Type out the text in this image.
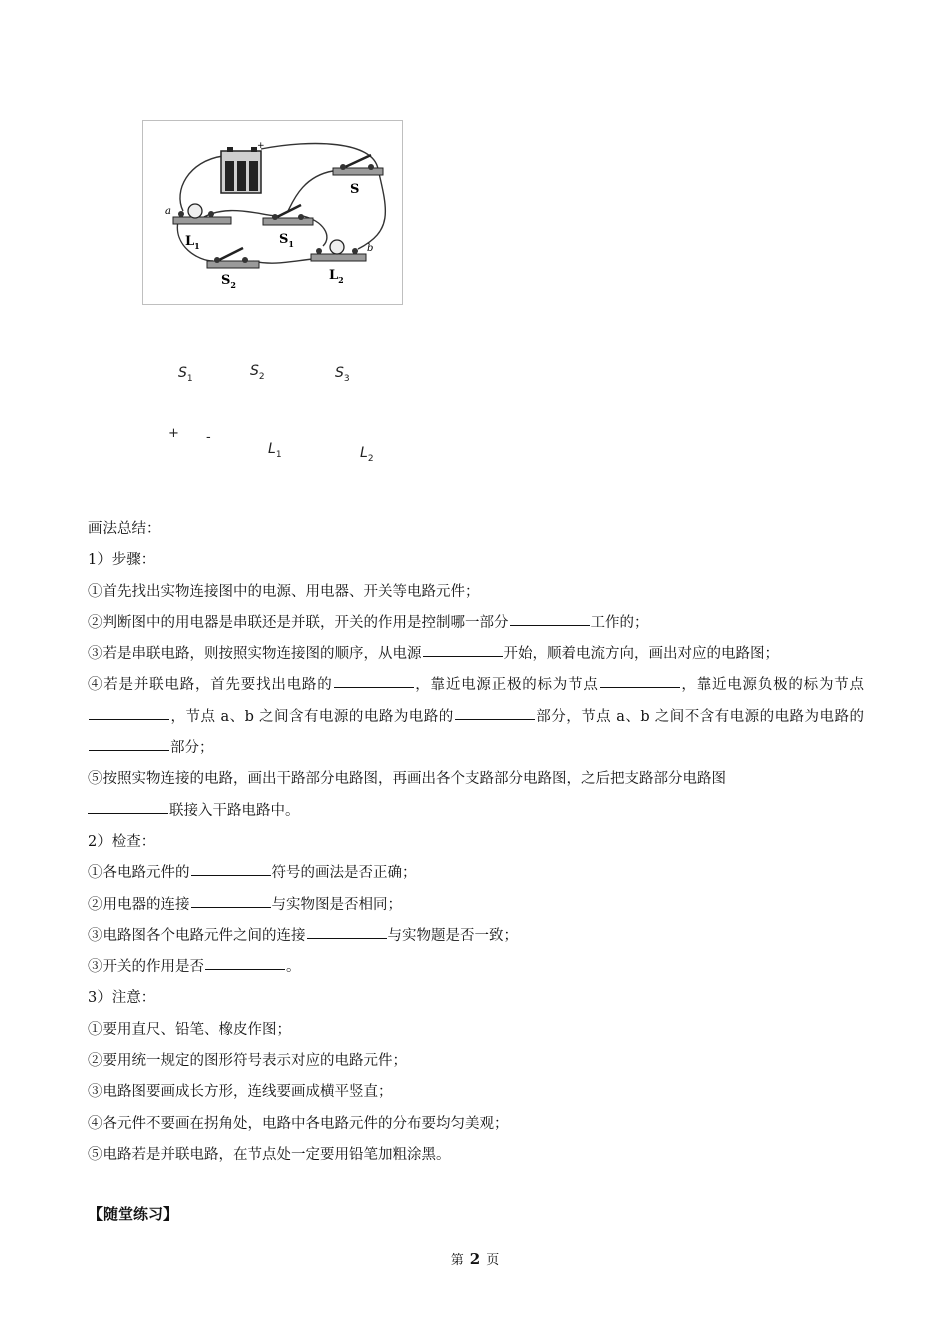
+
S
a
$L_1$	$S_1$
$S_2$
$L_2$
b
$S_1$	$S_2$	$S_3$
+ -
$L_1$	$L_2$

画法总结：

1）步骤：

①首先找出实物连接图中的电源、用电器、开关等电路元件；

②判断图中的用电器是串联还是并联，开关的作用是控制哪一部分	工作的；

③若是串联电路，则按照实物连接图的顺序，从电源	开始，顺着电流方向，画出对应的电路图；

④若是并联电路，首先要找出电路的	，靠近电源正极的标为节点	，靠近电源负极的标为节点，节点 a、b 之间含有电源的电路为电路的	部分，节点 a、b 之间不含有电源的电路为电路的部分；

⑤按照实物连接的电路，画出干路部分电路图，再画出各个支路部分电路图，之后把支路部分电路图
联接入干路电路中。

2）检查：

①各电路元件的	符号的画法是否正确；

②用电器的连接	与实物图是否相同；

③电路图各个电路元件之间的连接	与实物题是否一致；

③开关的作用是否	。

3）注意：

①要用直尺、铅笔、橡皮作图；

②要用统一规定的图形符号表示对应的电路元件；

③电路图要画成长方形，连线要画成横平竖直；

④各元件不要画在拐角处，电路中各电路元件的分布要均匀美观；

⑤电路若是并联电路，在节点处一定要用铅笔加粗涂黑。

【随堂练习】
第 2 页
